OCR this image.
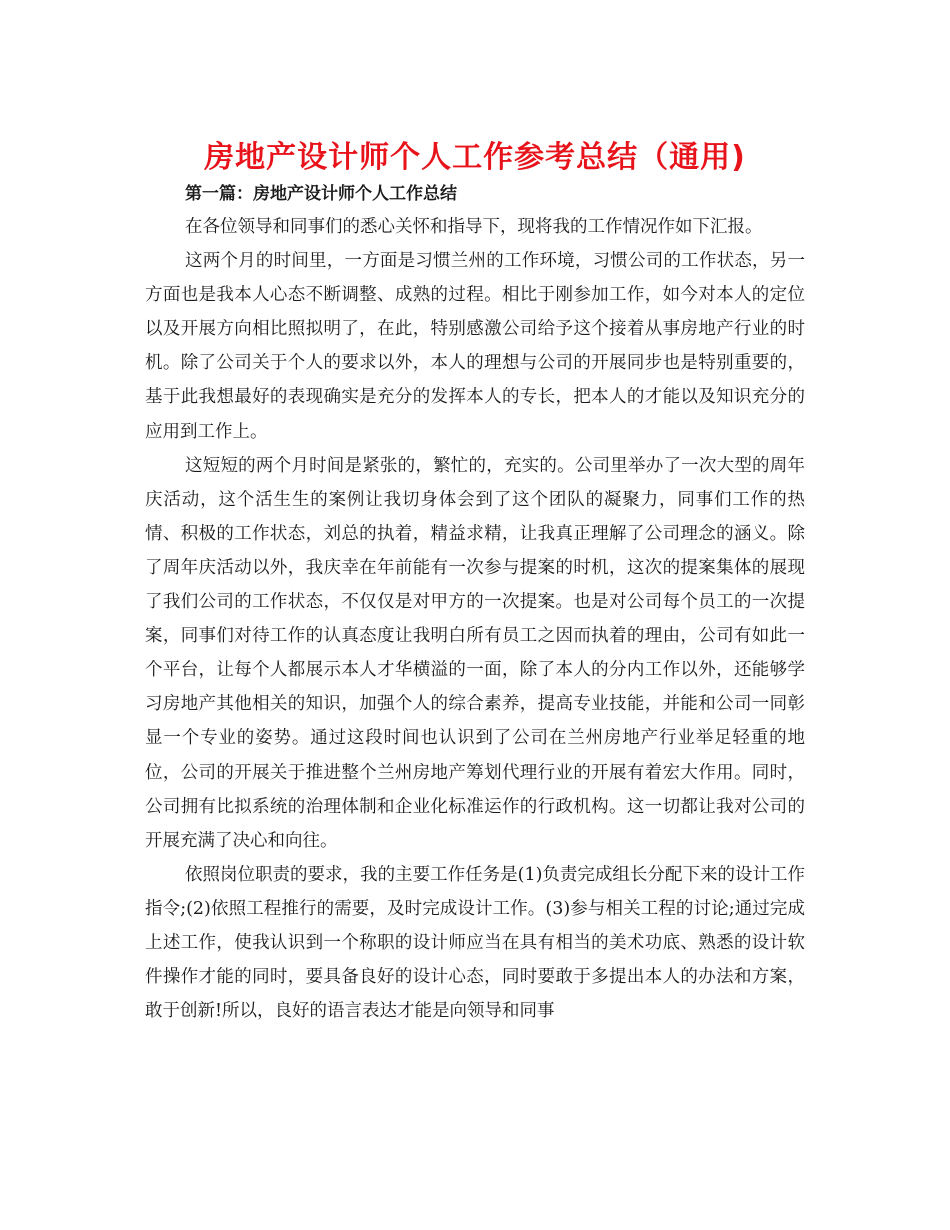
房地产设计师个人工作参考总结（通用)
第一篇：房地产设计师个人工作总结

在各位领导和同事们的悉心关怀和指导下，现将我的工作情况作如下汇报。

这两个月的时间里，一方面是习惯兰州的工作环境，习惯公司的工作状态，另一方面也是我本人心态不断调整、成熟的过程。相比于刚参加工作，如今对本人的定位以及开展方向相比照拟明了，在此，特别感激公司给予这个接着从事房地产行业的时机。除了公司关于个人的要求以外，本人的理想与公司的开展同步也是特别重要的，基于此我想最好的表现确实是充分的发挥本人的专长，把本人的才能以及知识充分的应用到工作上。

这短短的两个月时间是紧张的，繁忙的，充实的。公司里举办了一次大型的周年庆活动，这个活生生的案例让我切身体会到了这个团队的凝聚力，同事们工作的热情、积极的工作状态，刘总的执着，精益求精，让我真正理解了公司理念的涵义。除了周年庆活动以外，我庆幸在年前能有一次参与提案的时机，这次的提案集体的展现了我们公司的工作状态，不仅仅是对甲方的一次提案。也是对公司每个员工的一次提案，同事们对待工作的认真态度让我明白所有员工之因而执着的理由，公司有如此一个平台，让每个人都展示本人才华横溢的一面，除了本人的分内工作以外，还能够学习房地产其他相关的知识，加强个人的综合素养，提高专业技能，并能和公司一同彰显一个专业的姿势。通过这段时间也认识到了公司在兰州房地产行业举足轻重的地位，公司的开展关于推进整个兰州房地产筹划代理行业的开展有着宏大作用。同时，公司拥有比拟系统的治理体制和企业化标准运作的行政机构。这一切都让我对公司的开展充满了决心和向往。

依照岗位职责的要求，我的主要工作任务是(1)负责完成组长分配下来的设计工作指令;(2)依照工程推行的需要，及时完成设计工作。(3)参与相关工程的讨论;通过完成上述工作，使我认识到一个称职的设计师应当在具有相当的美术功底、熟悉的设计软件操作才能的同时，要具备良好的设计心态，同时要敢于多提出本人的办法和方案，敢于创新!所以，良好的语言表达才能是向领导和同事
